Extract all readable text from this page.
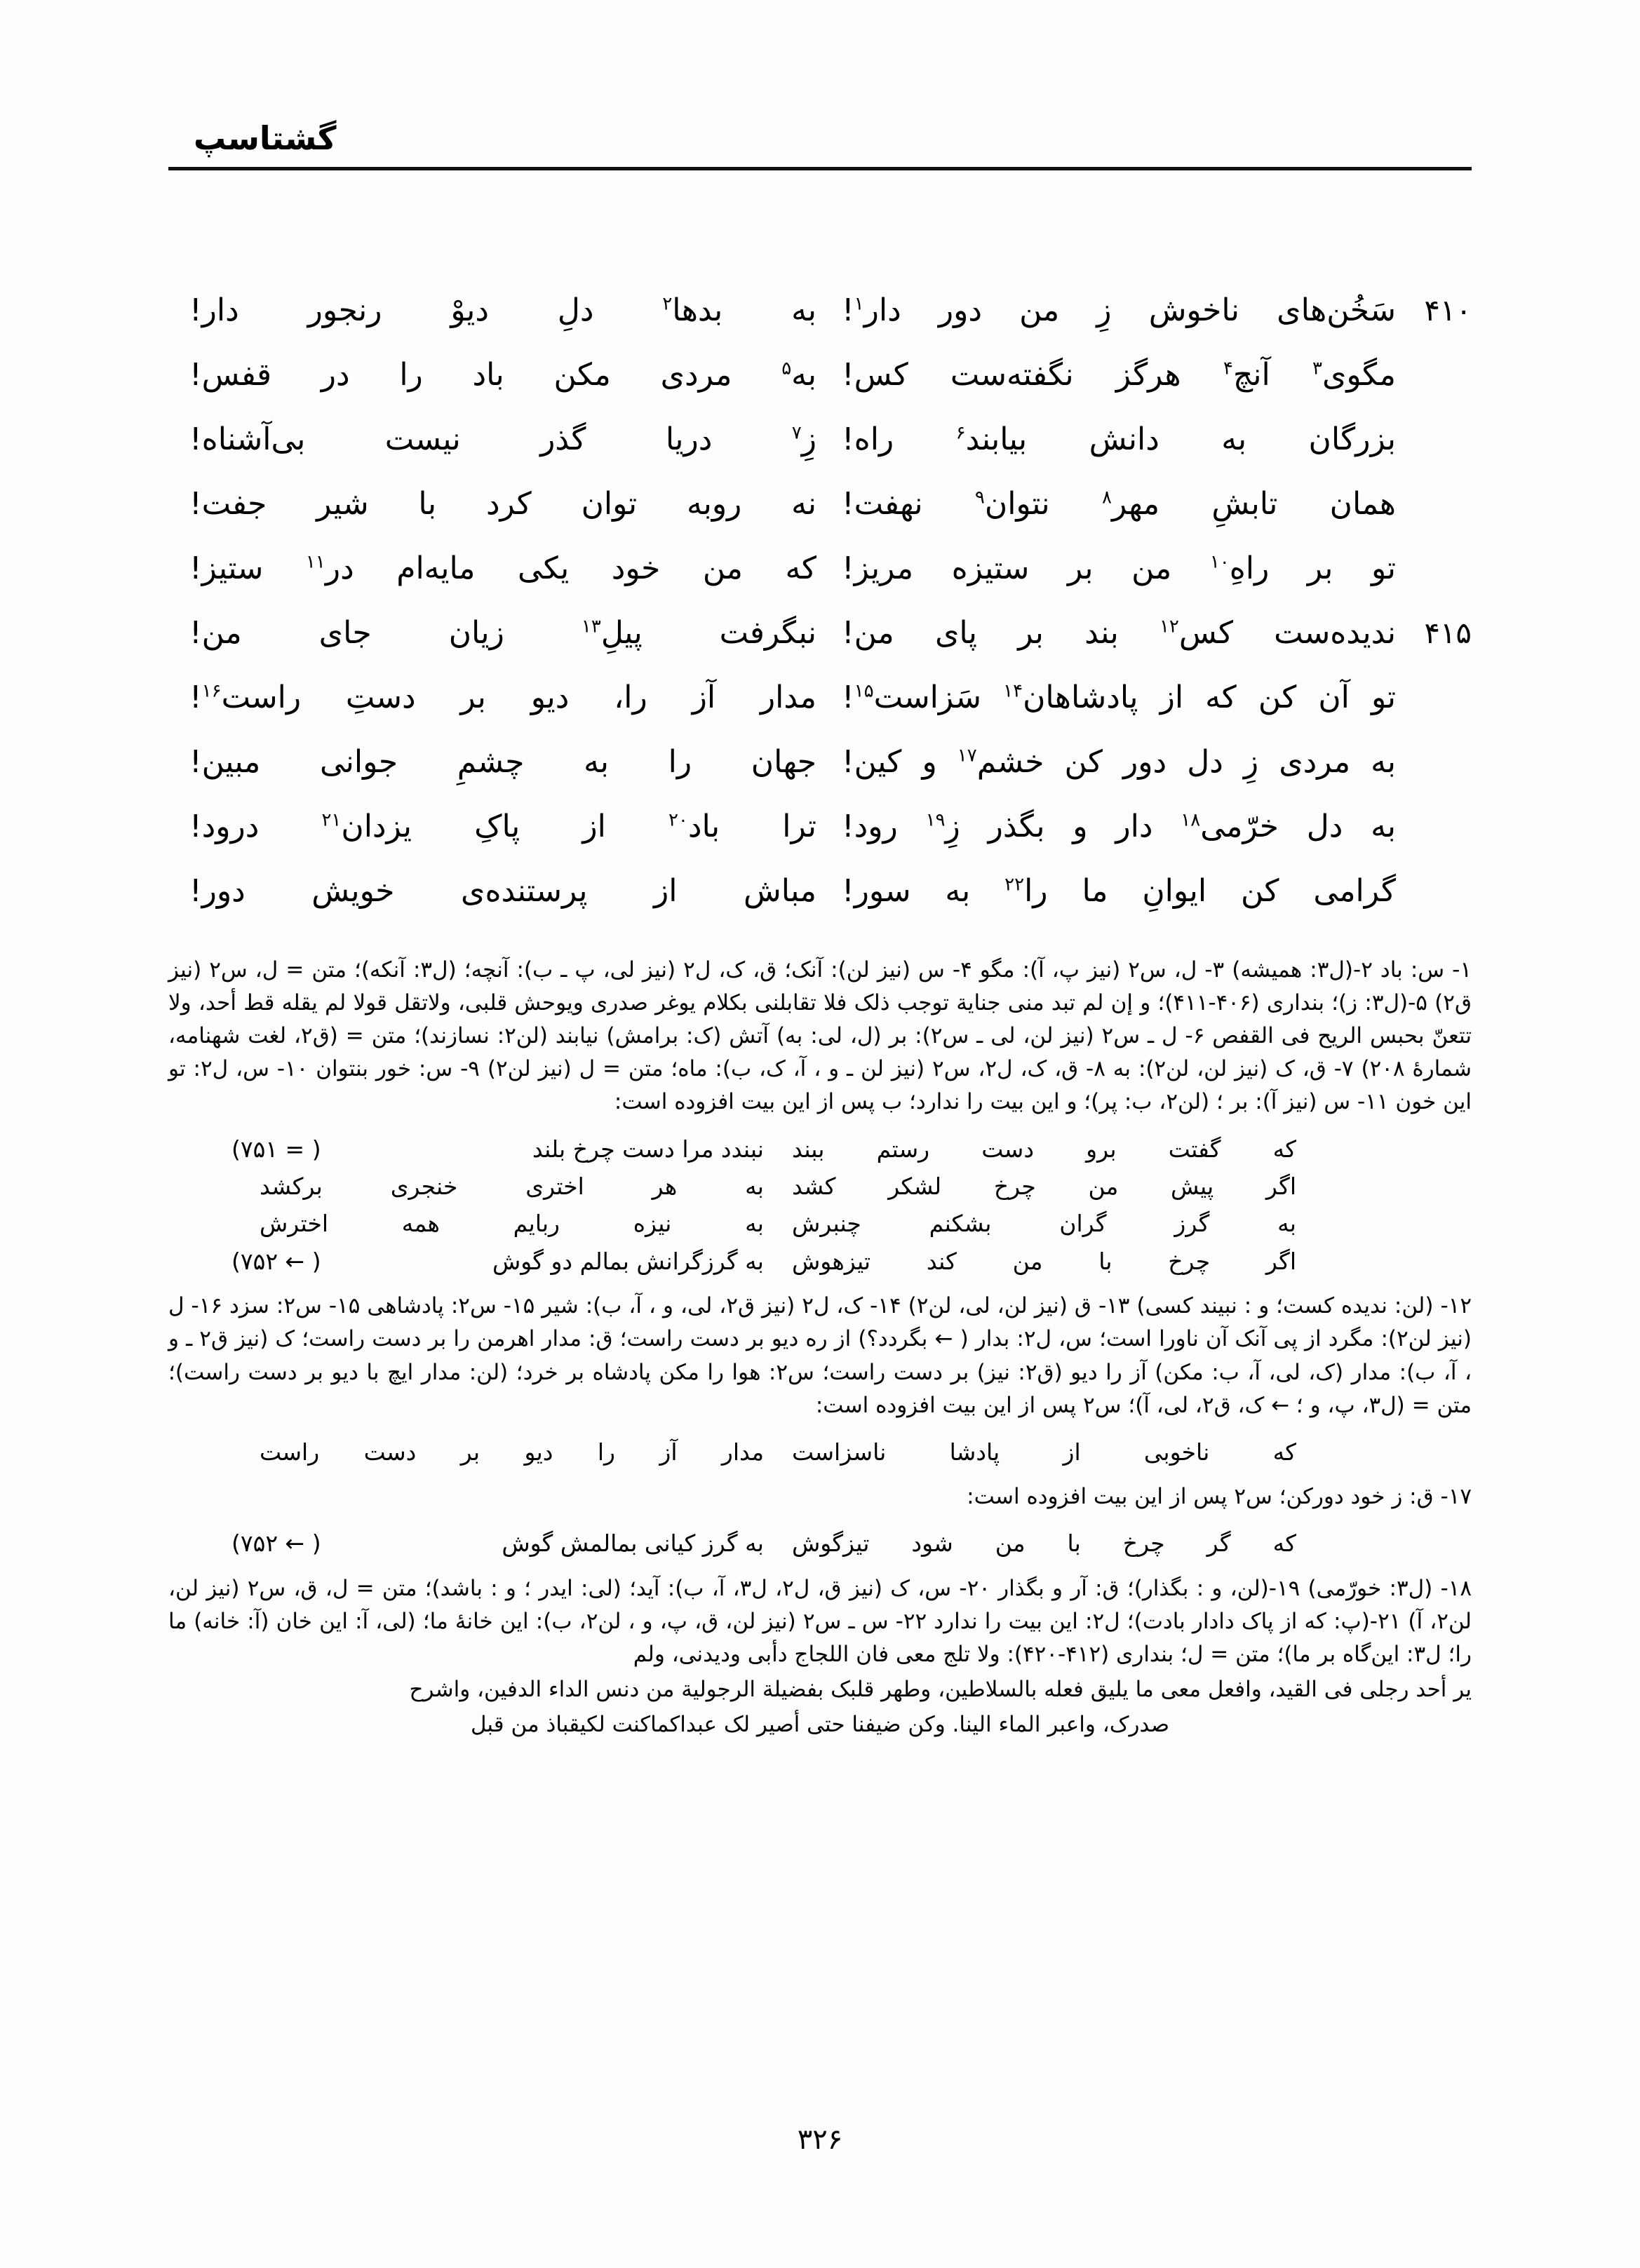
گشتاسپ
۴۱۰
سَخُن‌های ناخوش زِ من دور دار$^۱$!
به بدها$^۲$ دلِ دیوْ رنجور دار!
مگوی$^۳$ آنچ$^۴$ هرگز نگفته‌ست کس!
به$^۵$ مردی مکن باد را در قفس!
بزرگان به دانش بیابند$^۶$ راه!
زِ$^۷$ دریا گذر نیست بی‌آشناه!
همان تابشِ مهر$^۸$ نتوان$^۹$ نهفت!
نه روبه توان کرد با شیر جفت!
تو بر راهِ$^{۱۰}$ من بر ستیزه مریز!
که من خود یکی مایه‌ام در$^{۱۱}$ ستیز!
۴۱۵
ندیده‌ست کس$^{۱۲}$ بند بر پای من!
نبگرفت پیلِ$^{۱۳}$ زیان جای من!
تو آن کن که از پادشاهان$^{۱۴}$ سَزاست$^{۱۵}$!
مدار آز را، دیو بر دستِ راست$^{۱۶}$!
به مردی زِ دل دور کن خشم$^{۱۷}$ و کین!
جهان را به چشمِ جوانی مبین!
به دل خرّمی$^{۱۸}$ دار و بگذر زِ$^{۱۹}$ رود!
ترا باد$^{۲۰}$ از پاکِ یزدان$^{۲۱}$ درود!
گرامی کن ایوانِ ما را$^{۲۲}$ به سور!
مباش از پرستنده‌ی خویش دور!

۱- س: باد ۲-(ل۳: همیشه) ۳- ل، س۲ (نیز پ، آ): مگو ۴- س (نیز لن): آنک؛ ق، ک، ل۲ (نیز لی، پ ـ ب): آنچه؛ (ل۳: آنکه)؛ متن = ل، س۲ (نیز ق۲) ۵-(ل۳: ز)؛ بنداری (۴۰۶-۴۱۱)؛ و إن لم تبد منی جنایة توجب ذلک فلا تقابلنی بکلام یوغر صدری ویوحش قلبی، ولاتقل قولا لم یقله قط أحد، ولا تتعنّ بحبس الریح فی القفص ۶- ل ـ س۲ (نیز لن، لی ـ س۲): بر (ل، لی: به) آتش (ک: برامش) نیابند (لن۲: نسازند)؛ متن = (ق۲، لغت شهنامه، شمارهٔ ۲۰۸) ۷- ق، ک (نیز لن، لن۲): به ۸- ق، ک، ل۲، س۲ (نیز لن ـ و ، آ، ک، ب): ماه؛ متن = ل (نیز لن۲) ۹- س: خور بنتوان ۱۰- س، ل۲: تو این خون ۱۱- س (نیز آ): بر ؛ (لن۲، ب: پر)؛ و این بیت را ندارد؛ ب پس از این بیت افزوده است:

که گفتت برو دست رستم ببند
نبندد مرا دست چرخ بلند
( = ۷۵۱)
اگر پیش من چرخ لشکر کشد
به هر اختری خنجری برکشد
به گرز گران بشکنم چنبرش
به نیزه ربایم همه اخترش
اگر چرخ با من کند تیزهوش
به گرزگرانش بمالم دو گوش
( ← ۷۵۲)

۱۲- (لن: ندیده کست؛ و : نبیند کسی) ۱۳- ق (نیز لن، لی، لن۲) ۱۴- ک، ل۲ (نیز ق۲، لی، و ، آ، ب): شیر ۱۵- س۲: پادشاهی ۱۵- س۲: سزد ۱۶- ل (نیز لن۲): مگرد از پی آنک آن ناورا است؛ س، ل۲: بدار ( ← بگردد؟) از ره دیو بر دست راست؛ ق: مدار اهرمن را بر دست راست؛ ک (نیز ق۲ ـ و ، آ، ب): مدار (ک، لی، آ، ب: مکن) آز را دیو (ق۲: نیز) بر دست راست؛ س۲: هوا را مکن پادشاه بر خرد؛ (لن: مدار ایچ با دیو بر دست راست)؛ متن = (ل۳، پ، و ؛ ← ک، ق۲، لی، آ)؛ س۲ پس از این بیت افزوده است:

که ناخوبی از پادشا ناسزاست
مدار آز را دیو بر دست راست

۱۷- ق: ز خود دورکن؛ س۲ پس از این بیت افزوده است:

که گر چرخ با من شود تیزگوش
به گرز کیانی بمالمش گوش
( ← ۷۵۲)

۱۸- (ل۳: خورّمی) ۱۹-(لن، و : بگذار)؛ ق: آر و بگذار ۲۰- س، ک (نیز ق، ل۲، ل۳، آ، ب): آید؛ (لی: ایدر ؛ و : باشد)؛ متن = ل، ق، س۲ (نیز لن، لن۲، آ) ۲۱-(پ: که از پاک دادار بادت)؛ ل۲: این بیت را ندارد ۲۲- س ـ س۲ (نیز لن، ق، پ، و ، لن۲، ب): این خانهٔ ما؛ (لی، آ: این خان (آ: خانه) ما را؛ ل۳: این‌گاه بر ما)؛ متن = ل؛ بنداری (۴۱۲-۴۲۰): ولا تلج معی فان اللجاج دأبی ودیدنی، ولم

یر أحد رجلی فی القید، وافعل معی ما یلیق فعله بالسلاطین، وطهر قلبک بفضیلة الرجولیة من دنس الداء الدفین، واشرح

صدرک، واعبر الماء الینا. وکن ضیفنا حتی أصیر لک عبداکماکنت لکیقباذ من قبل

۳۲۶
